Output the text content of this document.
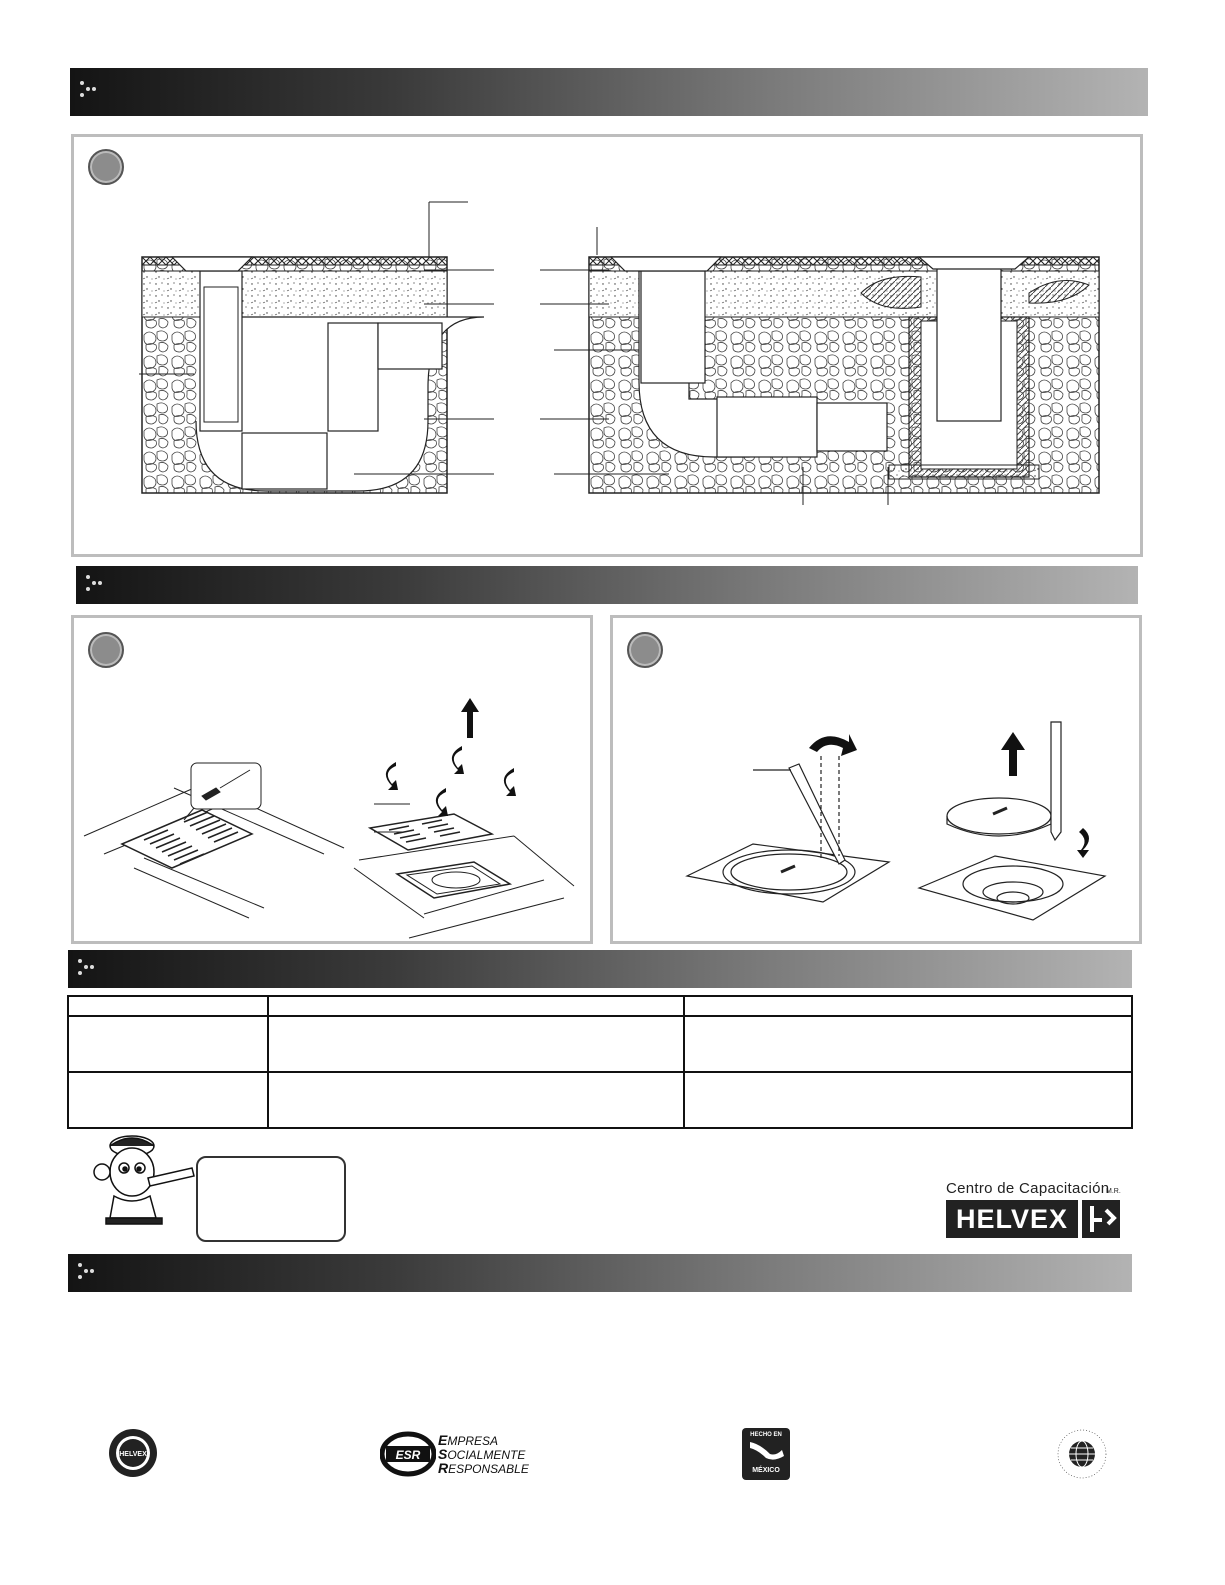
Centro de Capacitación
HELVEX
M.R.
HELVEX	ESR
EMPRESA
SOCIALMENTE
RESPONSABLE
HECHO EN
MÉXICO
